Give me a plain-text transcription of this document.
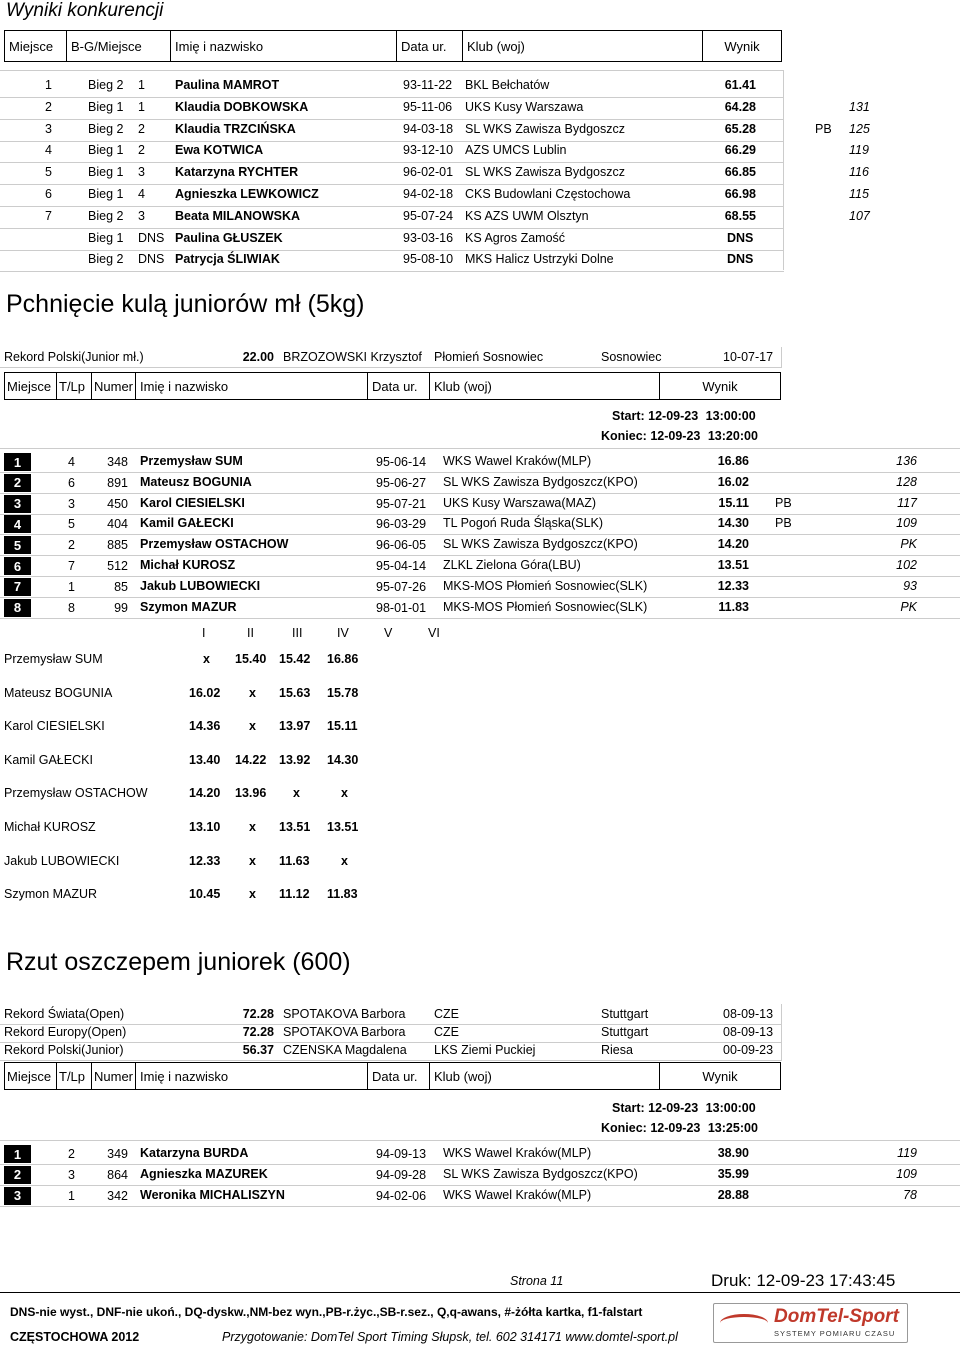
Wyniki konkurencji
Miejsce	B-G/Miejsce	Imię i nazwisko	Data ur.	Klub (woj)	Wynik
1	Bieg 2 1 Paulina MAMROT	93-11-22 BKL Bełchatów	61.41
2	Bieg 1 1 Klaudia DOBKOWSKA	95-11-06 UKS Kusy Warszawa	64.28	131
3	Bieg 2 2 Klaudia TRZCIŃSKA	94-03-18 SL WKS Zawisza Bydgoszcz	65.28	PB 125
4	Bieg 1 2 Ewa KOTWICA	93-12-10 AZS UMCS Lublin	66.29	119
5	Bieg 1 3 Katarzyna RYCHTER	96-02-01 SL WKS Zawisza Bydgoszcz	66.85	116
6	Bieg 1 4 Agnieszka LEWKOWICZ	94-02-18 CKS Budowlani Częstochowa	66.98	115
7	Bieg 2 3 Beata MILANOWSKA	95-07-24 KS AZS UWM Olsztyn	68.55	107
Bieg 1 DNS Paulina GŁUSZEK	93-03-16 KS Agros Zamość	DNS
Bieg 2 DNS Patrycja ŚLIWIAK	95-08-10 MKS Halicz Ustrzyki Dolne	DNS
Pchnięcie kulą juniorów mł (5kg)
Rekord Polski(Junior mł.)	22.00 BRZOZOWSKI Krzysztof Płomień Sosnowiec	Sosnowiec	10-07-17
Miejsce T/Lp Numer Imię i nazwisko	Data ur.	Klub (woj)	Wynik
Start: 12-09-23 13:00:00
Koniec: 12-09-23 13:20:00
1	4	348 Przemysław SUM	95-06-14 WKS Wawel Kraków(MLP)	16.86	136
2	6	891 Mateusz BOGUNIA	95-06-27 SL WKS Zawisza Bydgoszcz(KPO)	16.02	128
3	3	450 Karol CIESIELSKI	95-07-21 UKS Kusy Warszawa(MAZ)	15.11 PB	117
4	5	404 Kamil GAŁECKI	96-03-29 TL Pogoń Ruda Śląska(SLK)	14.30 PB	109
5	2	885 Przemysław OSTACHOW	96-06-05 SL WKS Zawisza Bydgoszcz(KPO)	14.20	PK
6	7	512 Michał KUROSZ	95-04-14 ZLKL Zielona Góra(LBU)	13.51	102
7	1	85 Jakub LUBOWIECKI	95-07-26 MKS-MOS Płomień Sosnowiec(SLK)	12.33	93
8	8	99 Szymon MAZUR	98-01-01 MKS-MOS Płomień Sosnowiec(SLK)	11.83	PK
I	II	III	IV	V	VI
Przemysław SUM	x 15.40 15.42 16.86
Mateusz BOGUNIA	16.02 x 15.63 15.78
Karol CIESIELSKI	14.36 x 13.97 15.11
Kamil GAŁECKI	13.40 14.22 13.92 14.30
Przemysław OSTACHOW	14.20 13.96 x	x
Michał KUROSZ	13.10 x 13.51 13.51
Jakub LUBOWIECKI	12.33 x 11.63	x
Szymon MAZUR	10.45 x 11.12 11.83
Rzut oszczepem juniorek (600)
Rekord Świata(Open)	72.28 SPOTAKOVA Barbora CZE	Stuttgart	08-09-13
Rekord Europy(Open)	72.28 SPOTAKOVA Barbora CZE	Stuttgart	08-09-13
Rekord Polski(Junior)	56.37 CZENSKA Magdalena LKS Ziemi Puckiej	Riesa	00-09-23
Miejsce T/Lp Numer Imię i nazwisko	Data ur.	Klub (woj)	Wynik
Start: 12-09-23 13:00:00
Koniec: 12-09-23 13:25:00
1	2	349 Katarzyna BURDA	94-09-13 WKS Wawel Kraków(MLP)	38.90	119
2	3	864 Agnieszka MAZUREK	94-09-28 SL WKS Zawisza Bydgoszcz(KPO)	35.99	109
3	1	342 Weronika MICHALISZYN	94-02-06 WKS Wawel Kraków(MLP)	28.88	78
Strona 11	Druk: 12-09-23 17:43:45
DNS-nie wyst., DNF-nie ukoń., DQ-dyskw.,NM-bez wyn.,PB-r.życ.,SB-r.sez., Q,q-awans, #-żółta kartka, f1-falstart
CZĘSTOCHOWA 2012	Przygotowanie: DomTel Sport Timing Słupsk, tel. 602 314171 www.domtel-sport.pl
DomTel-Sport
SYSTEMY POMIARU CZASU
